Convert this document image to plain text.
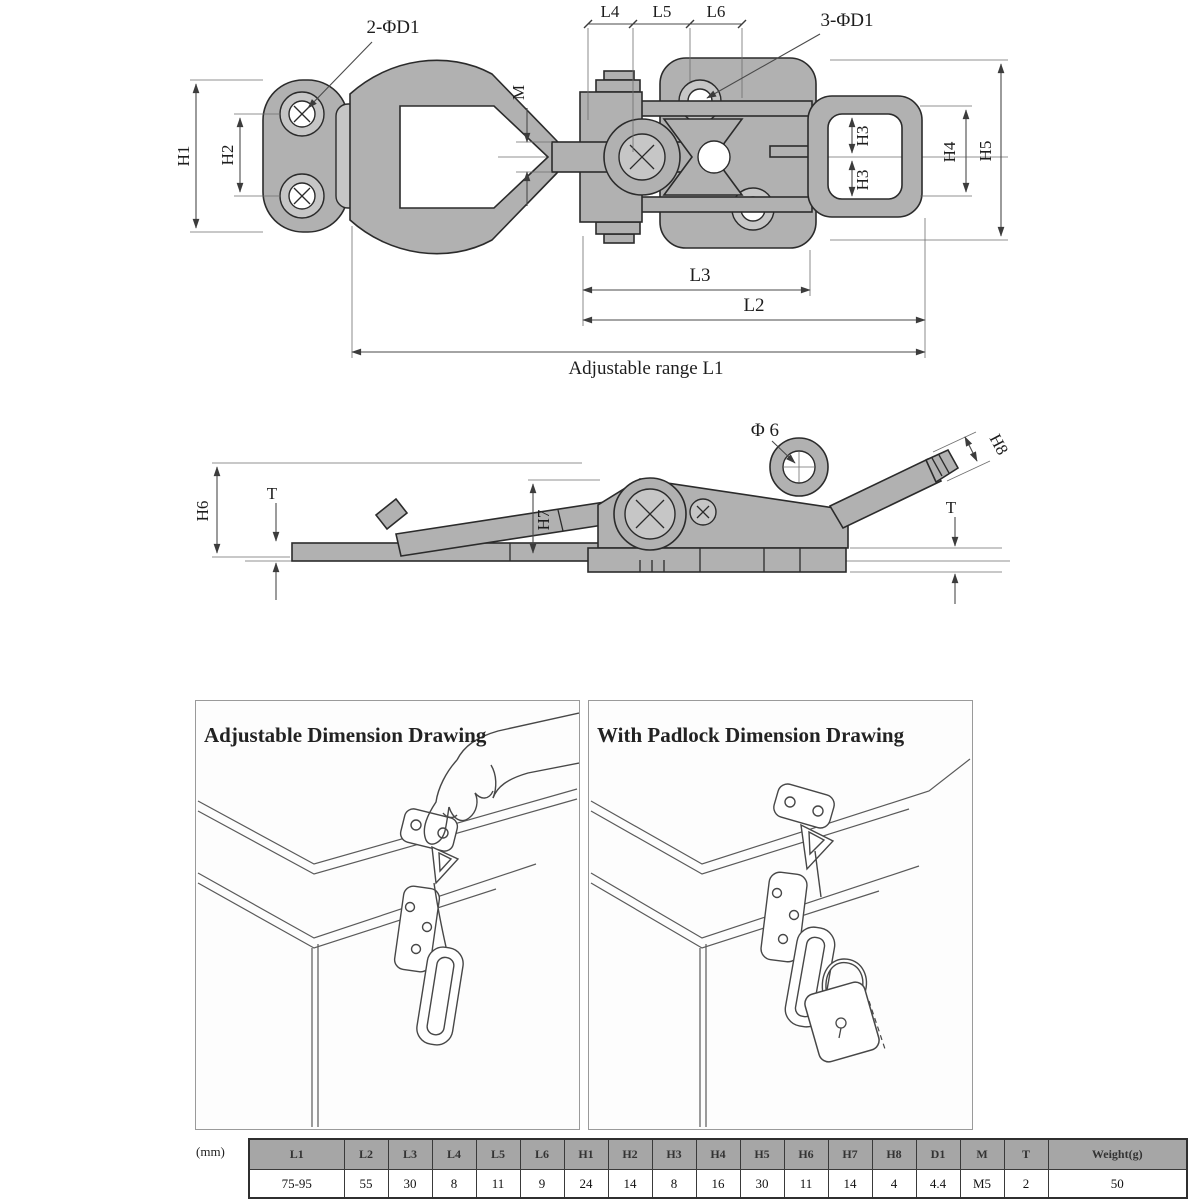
H1 H2
2-ΦD1
M
L4 L5 L6	3-ΦD1
H3
H3
H4 H5
L3
L2
Adjustable range L1
H6
T
H7
Φ 6
H8
T
Adjustable Dimension Drawing	With Padlock Dimension Drawing
(mm)	L1	L2	L3	L4	L5	L6	H1	H2	H3	H4	H5	H6	H7	H8	D1	M	T	Weight(g)
75-95	55	30	8	11	9	24	14	8	16	30	11	14	4	4.4	M5	2	50
